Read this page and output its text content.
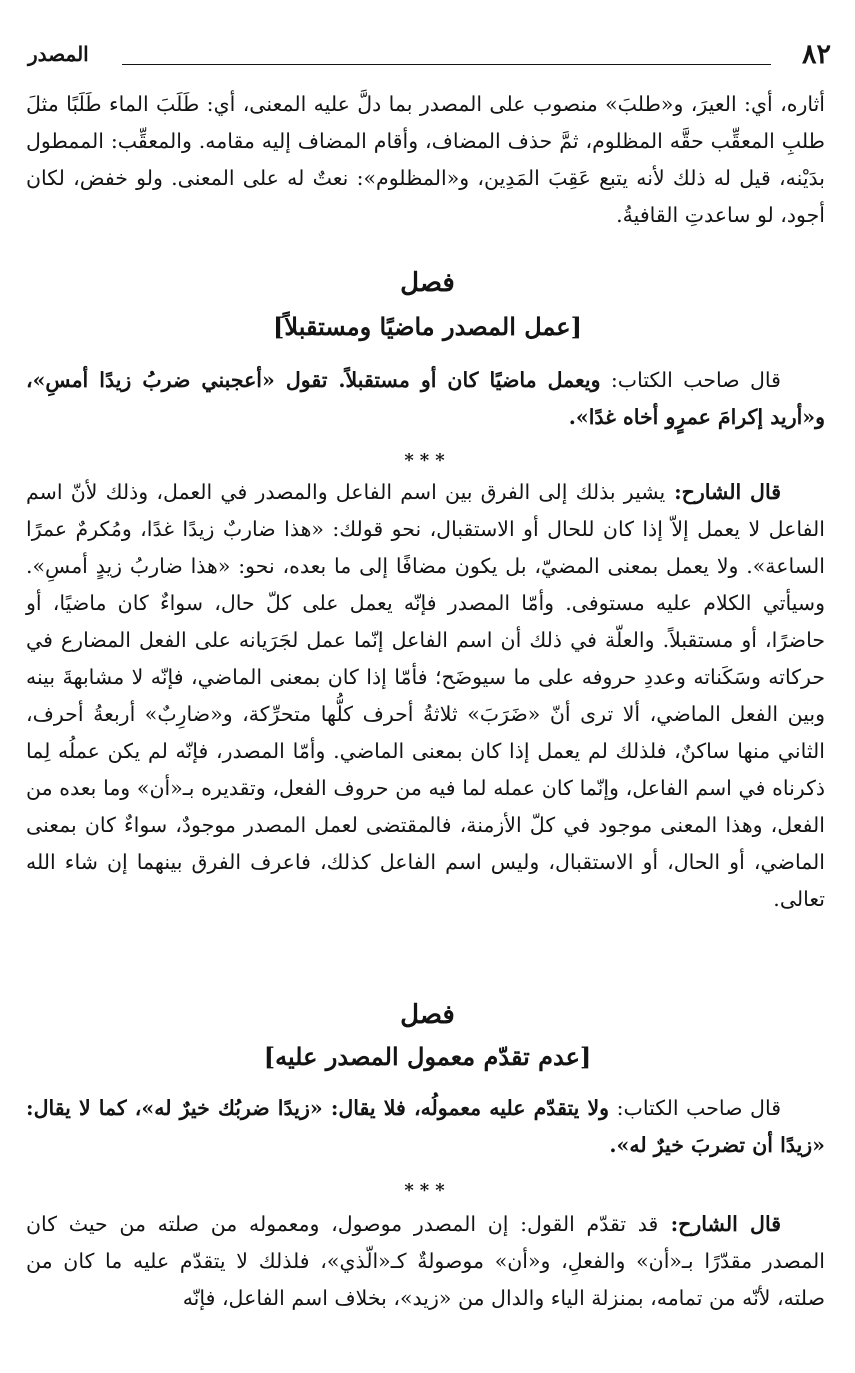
٨٢
المصدر

أثاره، أي: العيرَ، و«طلبَ» منصوب على المصدر بما دلَّ عليه المعنى، أي: طَلَبَ الماء طَلَبًا مثلَ طلبِ المعقِّب حقَّه المظلوم، ثمَّ حذف المضاف، وأقام المضاف إليه مقامه. والمعقِّب: الممطول بدَيْنه، قيل له ذلك لأنه يتبع عَقِبَ المَدِين، و«المظلوم»: نعتٌ له على المعنى. ولو خفض، لكان أجود، لو ساعدتِ القافيةُ.

فصل
[عمل المصدر ماضيًا ومستقبلاً]

قال صاحب الكتاب: ويعمل ماضيًا كان أو مستقبلاً. تقول «أعجبني ضربُ زيدًا أمسِ»، و«أريد إكرامَ عمرٍو أخاه غدًا».

***

قال الشارح: يشير بذلك إلى الفرق بين اسم الفاعل والمصدر في العمل، وذلك لأنّ اسم الفاعل لا يعمل إلاّ إذا كان للحال أو الاستقبال، نحو قولك: «هذا ضاربٌ زيدًا غدًا، ومُكرمٌ عمرًا الساعة». ولا يعمل بمعنى المضيّ، بل يكون مضافًا إلى ما بعده، نحو: «هذا ضاربُ زيدٍ أمسِ». وسيأتي الكلام عليه مستوفى. وأمّا المصدر فإنّه يعمل على كلّ حال، سواءٌ كان ماضيًا، أو حاضرًا، أو مستقبلاً. والعلّة في ذلك أن اسم الفاعل إنّما عمل لجَرَيانه على الفعل المضارع في حركاته وسَكَناته وعددِ حروفه على ما سيوضَح؛ فأمّا إذا كان بمعنى الماضي، فإنّه لا مشابهةَ بينه وبين الفعل الماضي، ألا ترى أنّ «ضَرَبَ» ثلاثةُ أحرف كلُّها متحرِّكة، و«ضارِبٌ» أربعةُ أحرف، الثاني منها ساكنٌ، فلذلك لم يعمل إذا كان بمعنى الماضي. وأمّا المصدر، فإنّه لم يكن عملُه لِما ذكرناه في اسم الفاعل، وإنّما كان عمله لما فيه من حروف الفعل، وتقديره بـ«أن» وما بعده من الفعل، وهذا المعنى موجود في كلّ الأزمنة، فالمقتضى لعمل المصدر موجودٌ، سواءٌ كان بمعنى الماضي، أو الحال، أو الاستقبال، وليس اسم الفاعل كذلك، فاعرف الفرق بينهما إن شاء الله تعالى.

فصل
[عدم تقدّم معمول المصدر عليه]

قال صاحب الكتاب: ولا يتقدّم عليه معمولُه، فلا يقال: «زيدًا ضربُك خيرٌ له»، كما لا يقال: «زيدًا أن تضربَ خيرٌ له».

***

قال الشارح: قد تقدّم القول: إن المصدر موصول، ومعموله من صلته من حيث كان المصدر مقدّرًا بـ«أن» والفعلِ، و«أن» موصولةٌ كـ«الّذي»، فلذلك لا يتقدّم عليه ما كان من صلته، لأنّه من تمامه، بمنزلة الياء والدال من «زيد»، بخلاف اسم الفاعل، فإنّه
